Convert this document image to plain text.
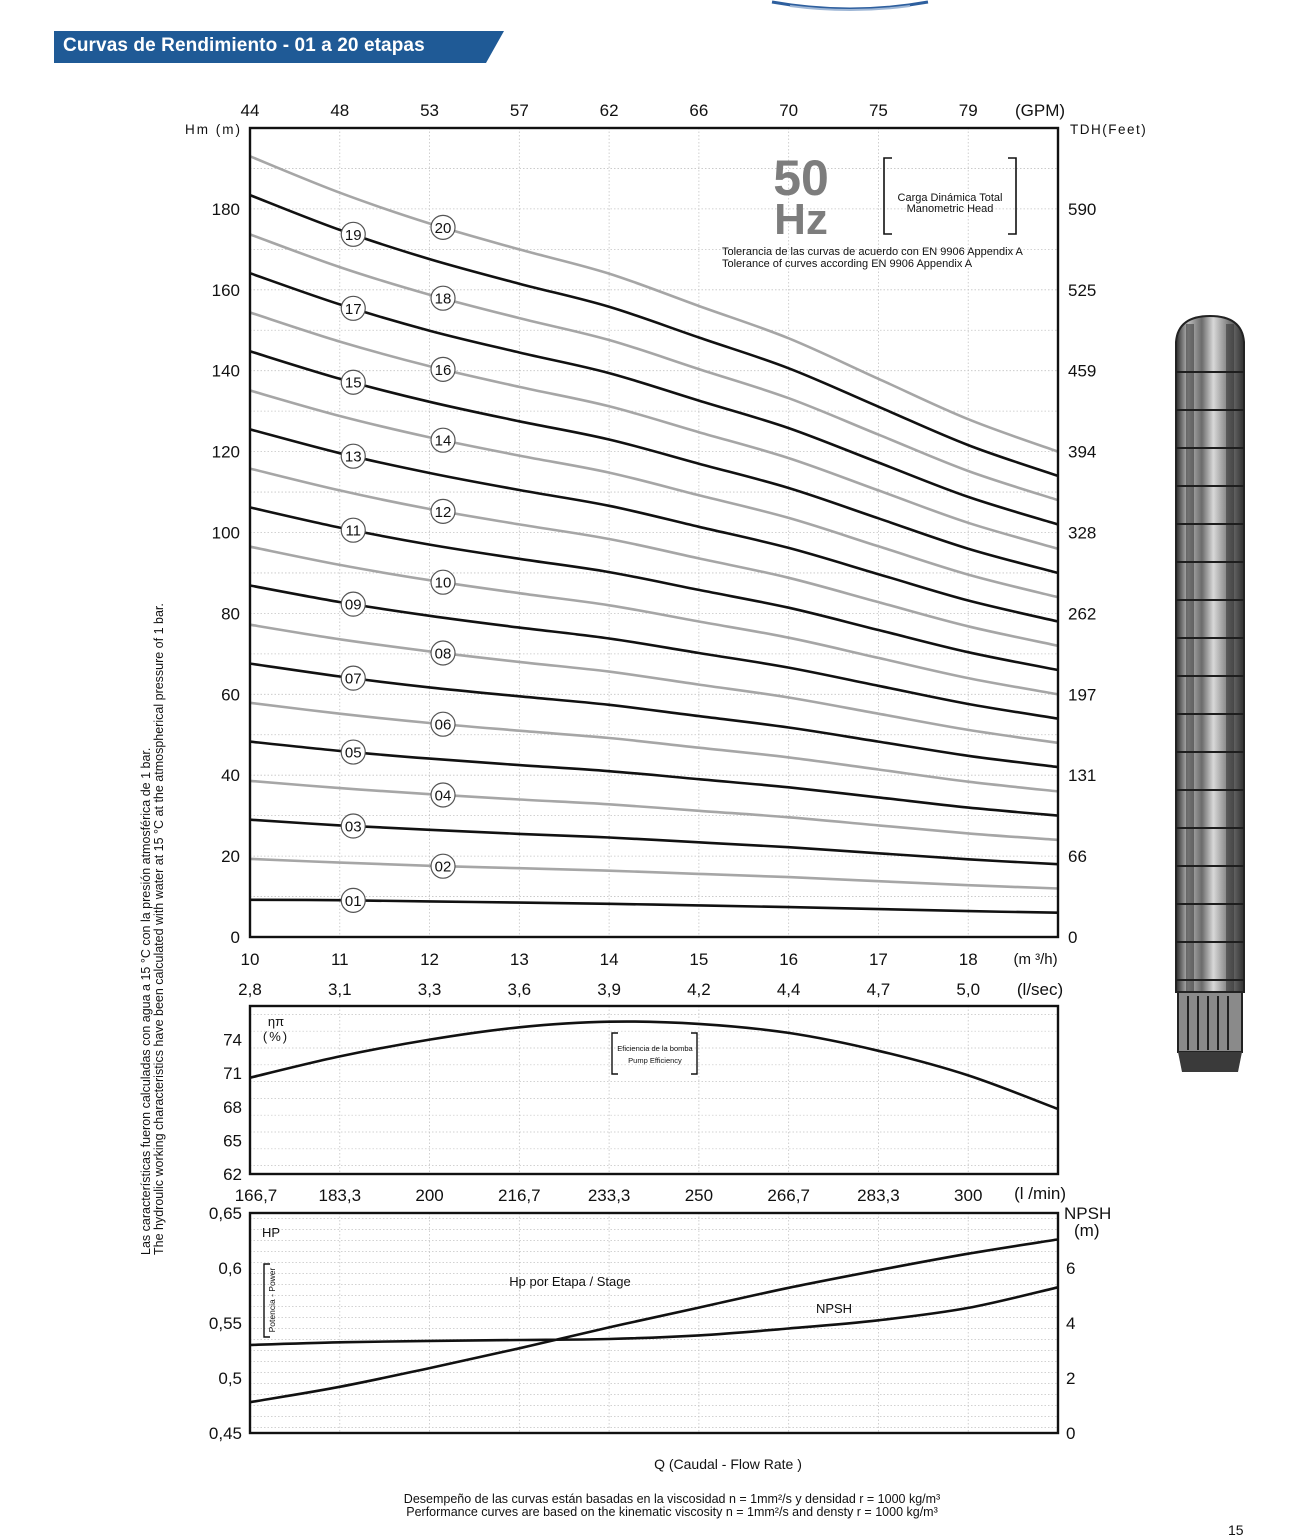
Curvas de Rendimiento - 01 a 20 etapas
01
02
03
04
05
06
07
08
09
10
11
12
13
14
15
16
17
18
19	20
0
20
40
60
80
100
120
140
160
180
0
66
131
197
262
328
394
459
525
590
Hm (m)	TDH(Feet)
44	48	53	57	62	66	70	75	79 (GPM)
10	11	12	13	14	15	16	17	18 (m ³/h)
2,8	3,1	3,3	3,6	3,9	4,2	4,4	4,7	5,0 (l/sec)
50
Hz	Carga Dinámica Total
Manometric Head
Tolerancia de las curvas de acuerdo con EN 9906 Appendix A
Tolerance of curves according EN 9906 Appendix A
62
65
68
71
74
ηπ
(%)
Eficiencia de la bomba
Pump Efficiency
166,7 183,3	200	216,7	233,3	250	266,7	283,3	300 (l /min)
0,45
0,5
0,55
0,6
0,65
0
2
4
6
NPSH
(m)
HP
Potencia - Power	Hp por Etapa / Stage
NPSH
Q (Caudal - Flow Rate )
Las características fueron calculadas con agua a 15 °C con la presión atmosférica de 1 bar. The hydroulic working characteristics have been calculated with water at 15 °C at the atmospherical pressure of 1 bar.
Desempeño de las curvas están basadas en la viscosidad n = 1mm²/s y densidad r = 1000 kg/m³
Performance curves are based on the kinematic viscosity n = 1mm²/s and densty r = 1000 kg/m³
15
